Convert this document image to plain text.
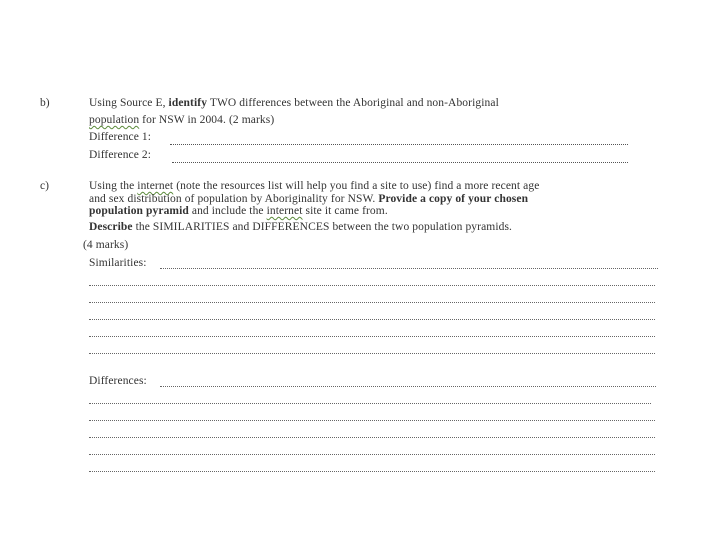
b)	Using Source E, identify TWO differences between the Aboriginal and non-Aboriginal
population for NSW in 2004. (2 marks)
Difference 1:
Difference 2:
c)	Using the internet (note the resources list will help you find a site to use) find a more recent age
and sex distribution of population by Aboriginality for NSW. Provide a copy of your chosen
population pyramid and include the internet site it came from.
Describe the SIMILARITIES and DIFFERENCES between the two population pyramids.
(4 marks)
Similarities:
Differences:
